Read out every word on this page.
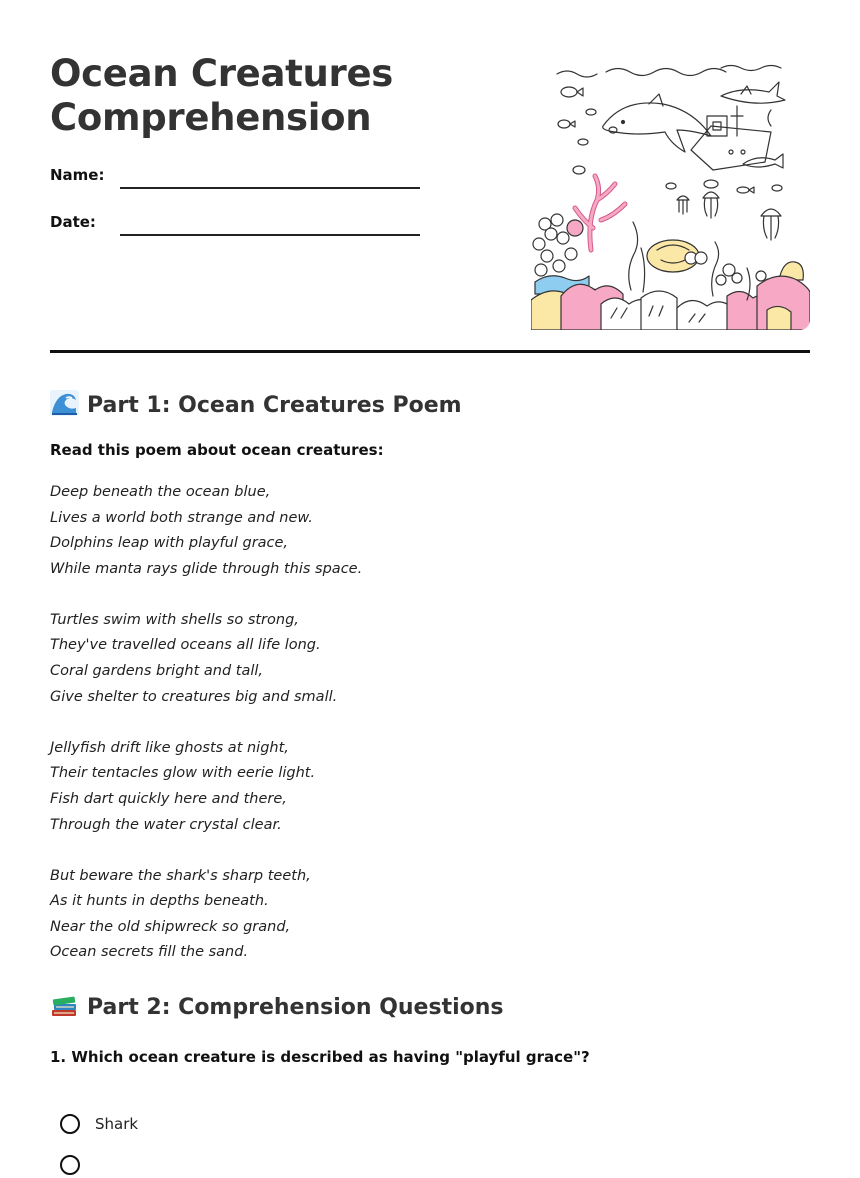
Ocean Creatures
Comprehension
Name:
Date:
Part 1: Ocean Creatures Poem
Read this poem about ocean creatures:
Deep beneath the ocean blue,
Lives a world both strange and new.
Dolphins leap with playful grace,
While manta rays glide through this space.
Turtles swim with shells so strong,
They've travelled oceans all life long.
Coral gardens bright and tall,
Give shelter to creatures big and small.
Jellyfish drift like ghosts at night,
Their tentacles glow with eerie light.
Fish dart quickly here and there,
Through the water crystal clear.
But beware the shark's sharp teeth,
As it hunts in depths beneath.
Near the old shipwreck so grand,
Ocean secrets fill the sand.
Part 2: Comprehension Questions
1. Which ocean creature is described as having "playful grace"?
Shark
